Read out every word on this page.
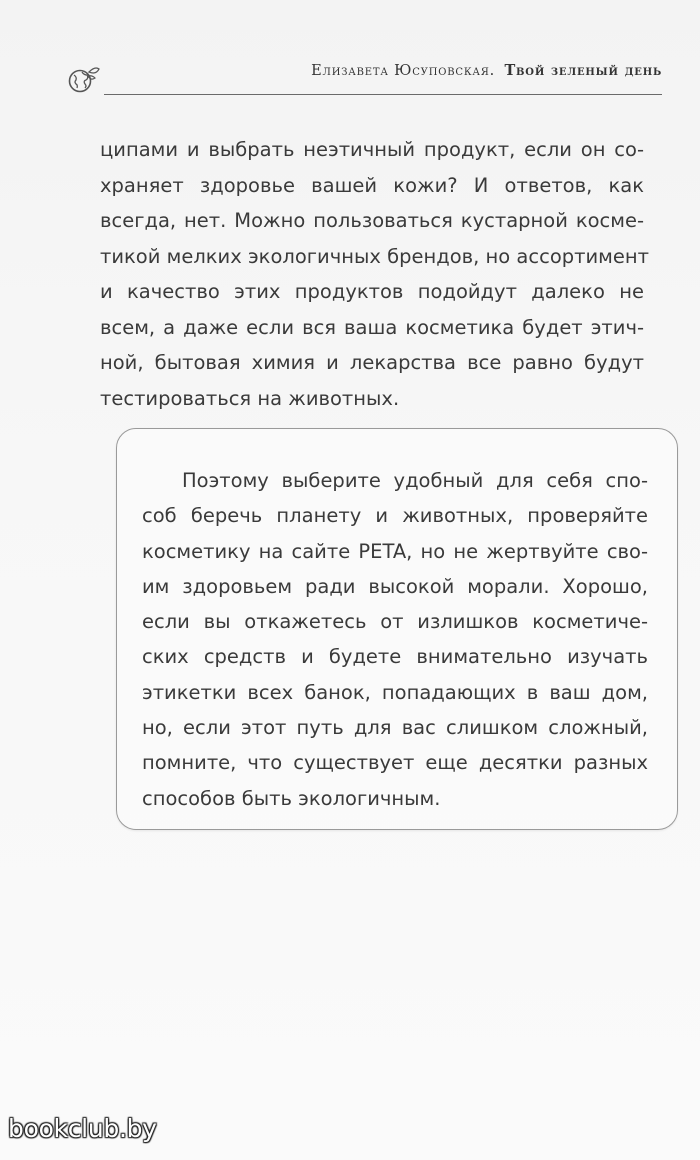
Елизавета Юсуповская. Твой зеленый день
ципами и выбрать неэтичный продукт, если он со-
храняет здоровье вашей кожи? И ответов, как
всегда, нет. Можно пользоваться кустарной косме-
тикой мелких экологичных брендов, но ассортимент
и качество этих продуктов подойдут далеко не
всем, а даже если вся ваша косметика будет этич-
ной, бытовая химия и лекарства все равно будут
тестироваться на животных.
Поэтому выберите удобный для себя спо-
соб беречь планету и животных, проверяйте
косметику на сайте PETA, но не жертвуйте сво-
им здоровьем ради высокой морали. Хорошо,
если вы откажетесь от излишков косметиче-
ских средств и будете внимательно изучать
этикетки всех банок, попадающих в ваш дом,
но, если этот путь для вас слишком сложный,
помните, что существует еще десятки разных
способов быть экологичным.
bookclub.by
